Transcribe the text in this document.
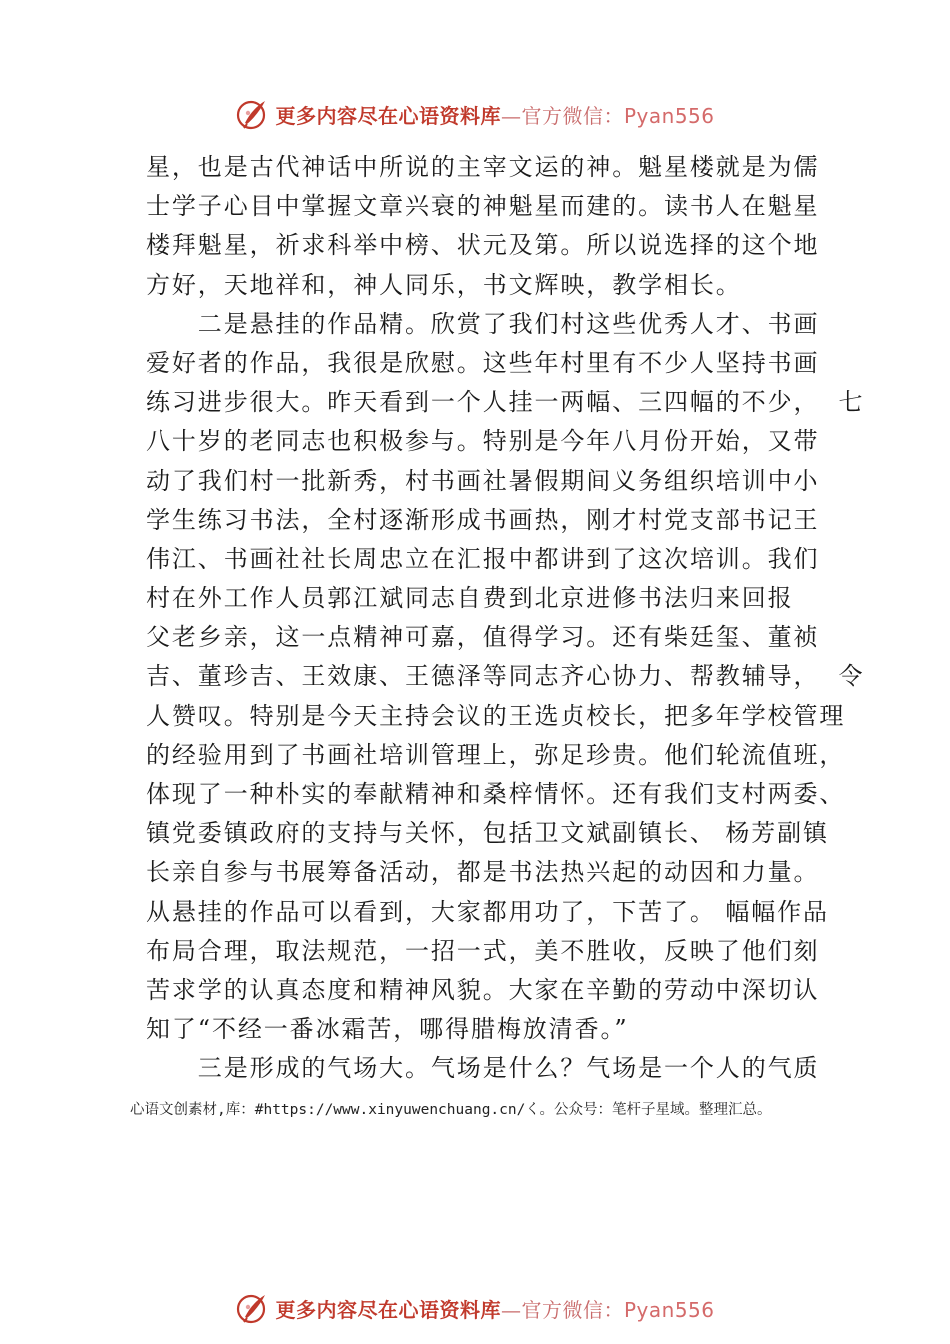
更多内容尽在心语资料库—官方微信：Pyan556
星，也是古代神话中所说的主宰文运的神。魁星楼就是为儒
士学子心目中掌握文章兴衰的神魁星而建的。读书人在魁星
楼拜魁星，祈求科举中榜、状元及第。所以说选择的这个地
方好，天地祥和，神人同乐，书文辉映，教学相长。
　　二是悬挂的作品精。欣赏了我们村这些优秀人才、书画
爱好者的作品，我很是欣慰。这些年村里有不少人坚持书画
练习进步很大。昨天看到一个人挂一两幅、三四幅的不少，  七
八十岁的老同志也积极参与。特别是今年八月份开始，又带
动了我们村一批新秀，村书画社暑假期间义务组织培训中小
学生练习书法，全村逐渐形成书画热，刚才村党支部书记王
伟江、书画社社长周忠立在汇报中都讲到了这次培训。我们
村在外工作人员郭江斌同志自费到北京进修书法归来回报
父老乡亲，这一点精神可嘉，值得学习。还有柴廷玺、董祯
吉、董珍吉、王效康、王德泽等同志齐心协力、帮教辅导，  令
人赞叹。特别是今天主持会议的王选贞校长，把多年学校管理
的经验用到了书画社培训管理上，弥足珍贵。他们轮流值班，
体现了一种朴实的奉献精神和桑梓情怀。还有我们支村两委、
镇党委镇政府的支持与关怀，包括卫文斌副镇长、 杨芳副镇
长亲自参与书展筹备活动，都是书法热兴起的动因和力量。
从悬挂的作品可以看到，大家都用功了，下苦了。 幅幅作品
布局合理，取法规范，一招一式，美不胜收，反映了他们刻
苦求学的认真态度和精神风貌。大家在辛勤的劳动中深切认
知了“不经一番冰霜苦，哪得腊梅放清香。”
　　三是形成的气场大。气场是什么？气场是一个人的气质
心语文创素材,库：#https://www.xinyuwenchuang.cn/く。公众号：笔杆子星域。整理汇总。
更多内容尽在心语资料库—官方微信：Pyan556
